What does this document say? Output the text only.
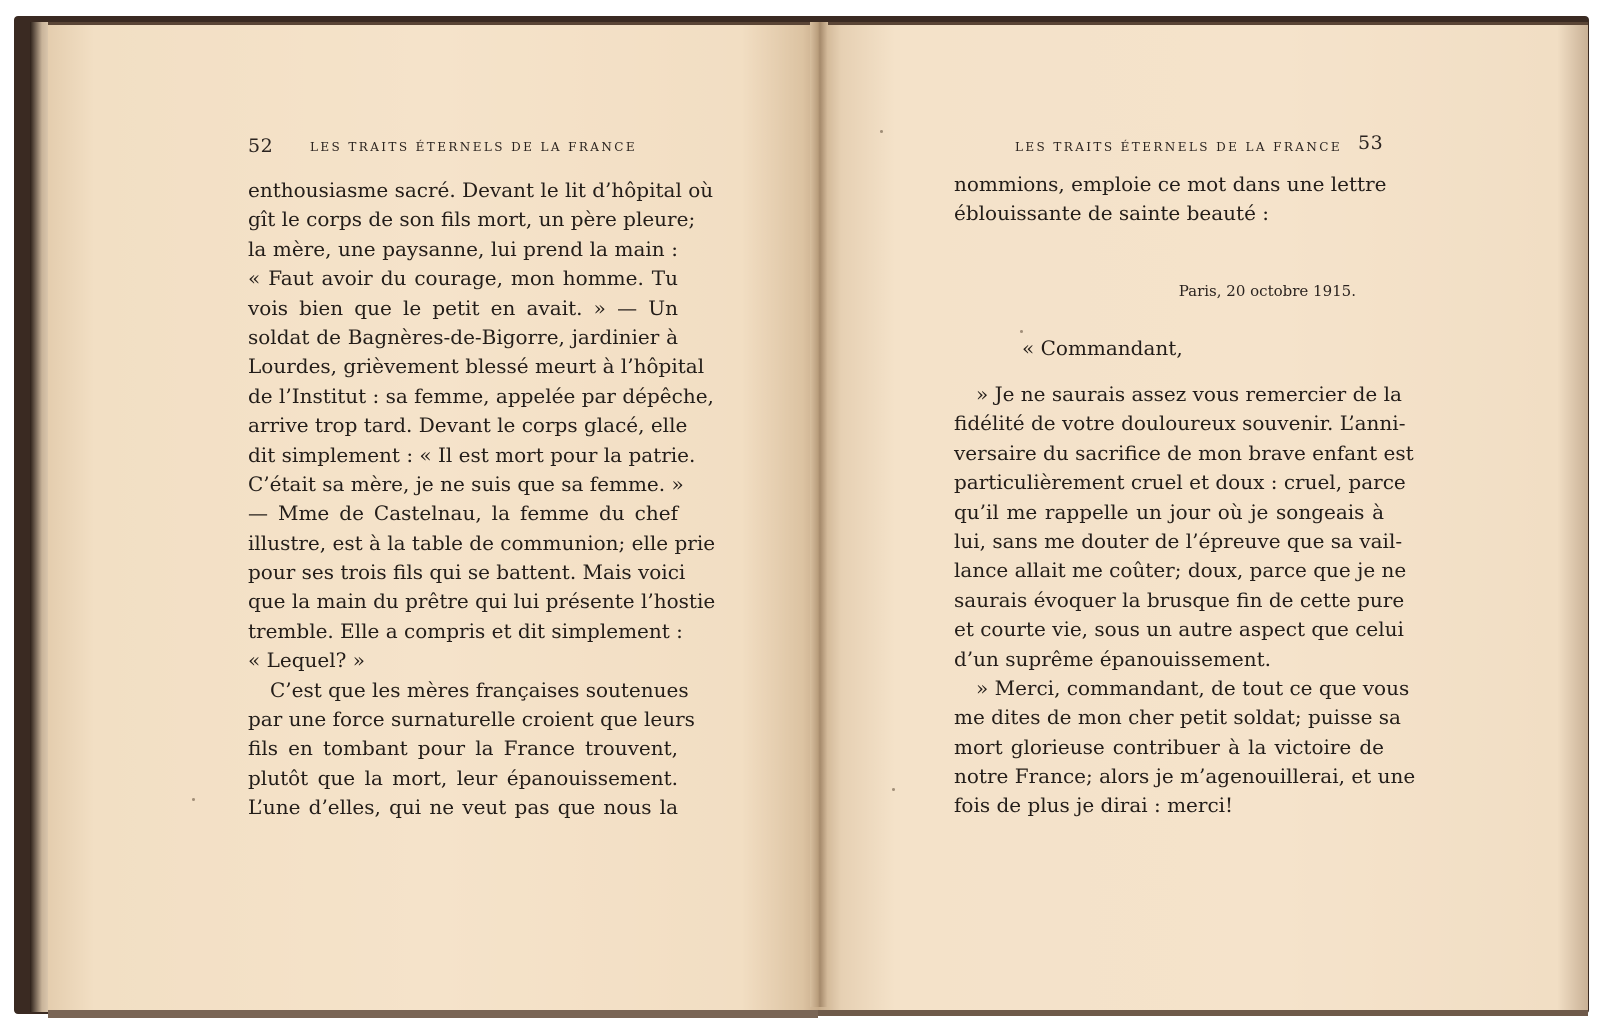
52	LES TRAITS ÉTERNELS DE LA FRANCE
enthousiasme sacré. Devant le lit d’hôpital où
gît le corps de son fils mort, un père pleure;
la mère, une paysanne, lui prend la main :
« Faut avoir du courage, mon homme. Tu
vois bien que le petit en avait. » — Un
soldat de Bagnères-de-Bigorre, jardinier à
Lourdes, grièvement blessé meurt à l’hôpital
de l’Institut : sa femme, appelée par dépêche,
arrive trop tard. Devant le corps glacé, elle
dit simplement : « Il est mort pour la patrie.
C’était sa mère, je ne suis que sa femme. »
— Mme de Castelnau, la femme du chef
illustre, est à la table de communion; elle prie
pour ses trois fils qui se battent. Mais voici
que la main du prêtre qui lui présente l’hostie
tremble. Elle a compris et dit simplement :
« Lequel? »
C’est que les mères françaises soutenues
par une force surnaturelle croient que leurs
fils en tombant pour la France trouvent,
plutôt que la mort, leur épanouissement.
L’une d’elles, qui ne veut pas que nous la
LES TRAITS ÉTERNELS DE LA FRANCE 53
nommions, emploie ce mot dans une lettre
éblouissante de sainte beauté :
Paris, 20 octobre 1915.
« Commandant,
» Je ne saurais assez vous remercier de la
fidélité de votre douloureux souvenir. L’anni-
versaire du sacrifice de mon brave enfant est
particulièrement cruel et doux : cruel, parce
qu’il me rappelle un jour où je songeais à
lui, sans me douter de l’épreuve que sa vail-
lance allait me coûter; doux, parce que je ne
saurais évoquer la brusque fin de cette pure
et courte vie, sous un autre aspect que celui
d’un suprême épanouissement.
» Merci, commandant, de tout ce que vous
me dites de mon cher petit soldat; puisse sa
mort glorieuse contribuer à la victoire de
notre France; alors je m’agenouillerai, et une
fois de plus je dirai : merci!
